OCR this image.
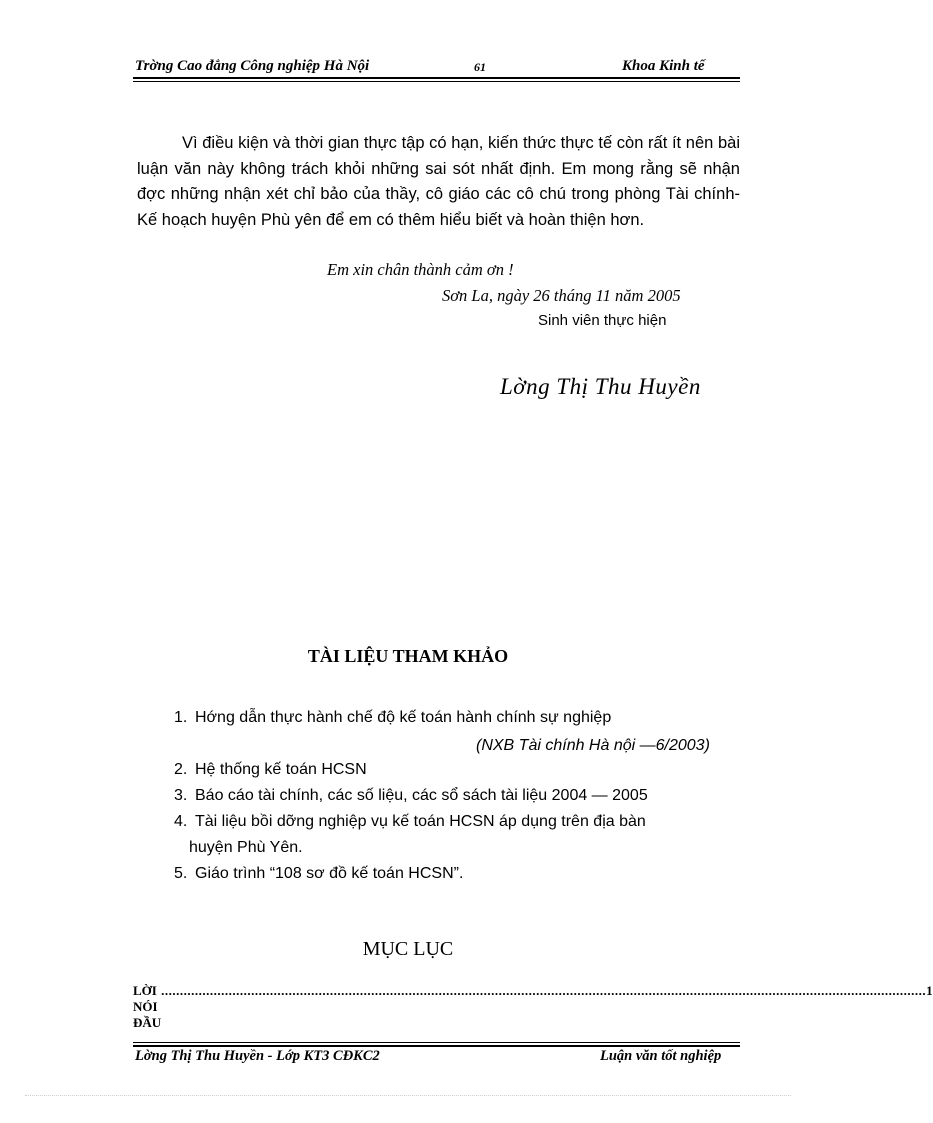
Trờng Cao đẳng Công nghiệp Hà Nội	61	Khoa Kinh tế
Vì điều kiện và thời gian thực tập có hạn, kiến thức thực tế còn rất ít nên bài luận văn này không trách khỏi những sai sót nhất định. Em mong rằng sẽ nhận đợc những nhận xét chỉ bảo của thầy, cô giáo các cô chú trong phòng Tài chính-Kế hoạch huyện Phù yên để em có thêm hiểu biết và hoàn thiện hơn.
Em xin chân thành cảm ơn !
Sơn La, ngày 26 tháng 11 năm 2005
Sinh viên thực hiện
Lờng Thị Thu Huyền
TÀI LIỆU THAM KHẢO
1. Hớng dẫn thực hành chế độ kế toán hành chính sự nghiệp
(NXB Tài chính Hà nội —6/2003)
2. Hệ thống kế toán HCSN
3. Báo cáo tài chính, các số liệu, các sổ sách tài liệu 2004 — 2005
4. Tài liệu bồi dỡng nghiệp vụ kế toán HCSN áp dụng trên địa bàn
huyện Phù Yên.
5. Giáo trình “108 sơ đồ kế toán HCSN”.
MỤC LỤC
LỜI NÓI ĐẦU
............................................................................................................................................................................................................ 1
Lờng Thị Thu Huyền - Lớp KT3 CĐKC2	Luận văn tốt nghiệp
